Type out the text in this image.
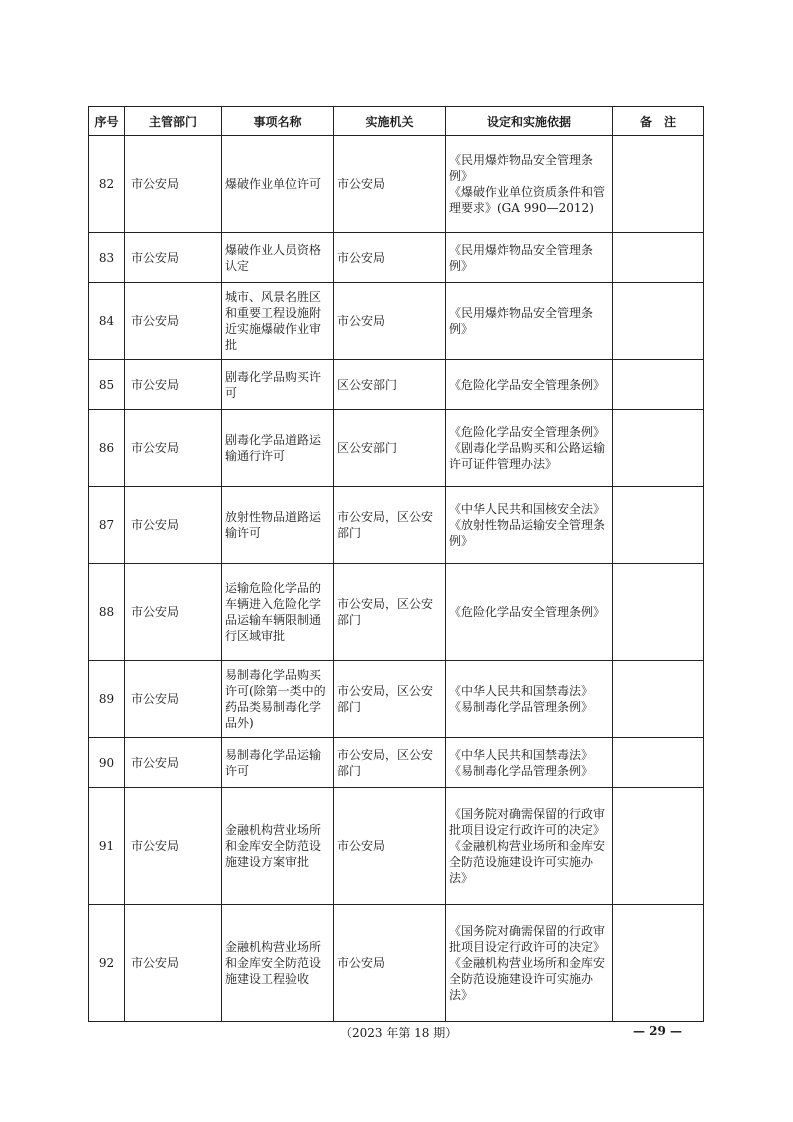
序号	主管部门	事项名称	实施机关	设定和实施依据	备　注
82	市公安局	爆破作业单位许可	市公安局	《民用爆炸物品安全管理条例》
《爆破作业单位资质条件和管理要求》(GA 990—2012)	
83	市公安局	爆破作业人员资格认定	市公安局	《民用爆炸物品安全管理条例》	
84	市公安局	城市、风景名胜区和重要工程设施附近实施爆破作业审批	市公安局	《民用爆炸物品安全管理条例》	
85	市公安局	剧毒化学品购买许可	区公安部门	《危险化学品安全管理条例》	
86	市公安局	剧毒化学品道路运输通行许可	区公安部门	《危险化学品安全管理条例》
《剧毒化学品购买和公路运输许可证件管理办法》	
87	市公安局	放射性物品道路运输许可	市公安局，区公安部门	《中华人民共和国核安全法》
《放射性物品运输安全管理条例》	
88	市公安局	运输危险化学品的车辆进入危险化学品运输车辆限制通行区域审批	市公安局，区公安部门	《危险化学品安全管理条例》	
89	市公安局	易制毒化学品购买许可(除第一类中的药品类易制毒化学品外)	市公安局，区公安部门	《中华人民共和国禁毒法》
《易制毒化学品管理条例》	
90	市公安局	易制毒化学品运输许可	市公安局，区公安部门	《中华人民共和国禁毒法》
《易制毒化学品管理条例》	
91	市公安局	金融机构营业场所和金库安全防范设施建设方案审批	市公安局	《国务院对确需保留的行政审批项目设定行政许可的决定》
《金融机构营业场所和金库安全防范设施建设许可实施办法》	
92	市公安局	金融机构营业场所和金库安全防范设施建设工程验收	市公安局	《国务院对确需保留的行政审批项目设定行政许可的决定》
《金融机构营业场所和金库安全防范设施建设许可实施办法》	
（2023 年第 18 期）	— 29 —
